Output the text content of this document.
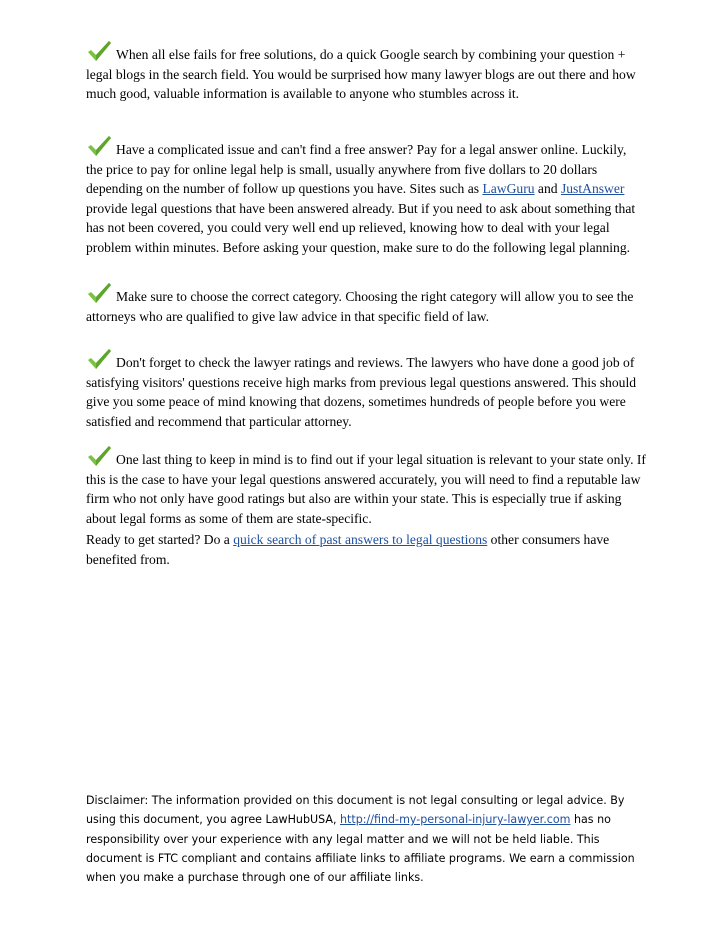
When all else fails for free solutions, do a quick Google search by combining your question + legal blogs in the search field. You would be surprised how many lawyer blogs are out there and how much good, valuable information is available to anyone who stumbles across it.

Have a complicated issue and can't find a free answer? Pay for a legal answer online. Luckily, the price to pay for online legal help is small, usually anywhere from five dollars to 20 dollars depending on the number of follow up questions you have. Sites such as LawGuru and JustAnswer provide legal questions that have been answered already. But if you need to ask about something that has not been covered, you could very well end up relieved, knowing how to deal with your legal problem within minutes. Before asking your question, make sure to do the following legal planning.

Make sure to choose the correct category. Choosing the right category will allow you to see the attorneys who are qualified to give law advice in that specific field of law.

Don't forget to check the lawyer ratings and reviews. The lawyers who have done a good job of satisfying visitors' questions receive high marks from previous legal questions answered. This should give you some peace of mind knowing that dozens, sometimes hundreds of people before you were satisfied and recommend that particular attorney.

One last thing to keep in mind is to find out if your legal situation is relevant to your state only. If this is the case to have your legal questions answered accurately, you will need to find a reputable law firm who not only have good ratings but also are within your state. This is especially true if asking about legal forms as some of them are state-specific.

Ready to get started? Do a quick search of past answers to legal questions other consumers have benefited from.

Disclaimer: The information provided on this document is not legal consulting or legal advice. By using this document, you agree LawHubUSA, http://find-my-personal-injury-lawyer.com has no responsibility over your experience with any legal matter and we will not be held liable. This document is FTC compliant and contains affiliate links to affiliate programs. We earn a commission when you make a purchase through one of our affiliate links.
